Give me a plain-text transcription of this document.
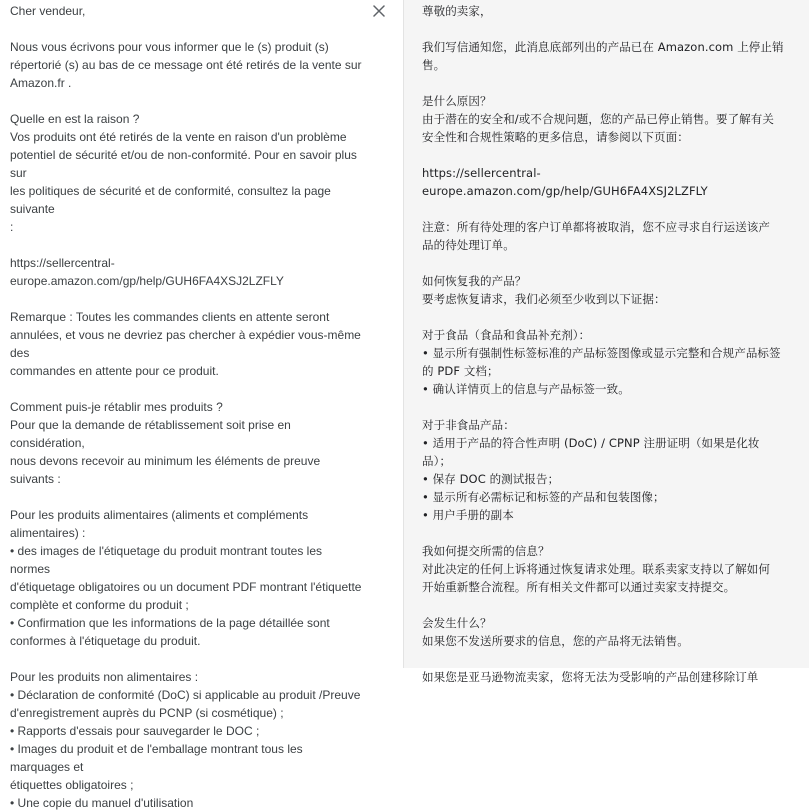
Cher vendeur,

Nous vous écrivons pour vous informer que le (s) produit (s)
répertorié (s) au bas de ce message ont été retirés de la vente sur
Amazon.fr .

Quelle en est la raison ?
Vos produits ont été retirés de la vente en raison d'un problème
potentiel de sécurité et/ou de non-conformité. Pour en savoir plus sur
les politiques de sécurité et de conformité, consultez la page suivante
:

https://sellercentral-
europe.amazon.com/gp/help/GUH6FA4XSJ2LZFLY

Remarque : Toutes les commandes clients en attente seront
annulées, et vous ne devriez pas chercher à expédier vous-même des
commandes en attente pour ce produit.

Comment puis-je rétablir mes produits ?
Pour que la demande de rétablissement soit prise en considération,
nous devons recevoir au minimum les éléments de preuve suivants :

Pour les produits alimentaires (aliments et compléments
alimentaires) :
• des images de l'étiquetage du produit montrant toutes les normes
d'étiquetage obligatoires ou un document PDF montrant l'étiquette
complète et conforme du produit ;
• Confirmation que les informations de la page détaillée sont
conformes à l'étiquetage du produit.

Pour les produits non alimentaires :
• Déclaration de conformité (DoC) si applicable au produit /Preuve
d'enregistrement auprès du PCNP (si cosmétique) ;
• Rapports d'essais pour sauvegarder le DOC ;
• Images du produit et de l'emballage montrant tous les marquages et
étiquettes obligatoires ;
• Une copie du manuel d'utilisation

尊敬的卖家，

我们写信通知您，此消息底部列出的产品已在 Amazon.com 上停止销
售。

是什么原因？
由于潜在的安全和/或不合规问题，您的产品已停止销售。要了解有关
安全性和合规性策略的更多信息，请参阅以下页面：

https://sellercentral-
europe.amazon.com/gp/help/GUH6FA4XSJ2LZFLY

注意：所有待处理的客户订单都将被取消，您不应寻求自行运送该产
品的待处理订单。

如何恢复我的产品？
要考虑恢复请求，我们必须至少收到以下证据：

对于食品（食品和食品补充剂）：
• 显示所有强制性标签标准的产品标签图像或显示完整和合规产品标签
的 PDF 文档；
• 确认详情页上的信息与产品标签一致。

对于非食品产品：
• 适用于产品的符合性声明 (DoC) / CPNP 注册证明（如果是化妆
品）；
• 保存 DOC 的测试报告；
• 显示所有必需标记和标签的产品和包装图像；
• 用户手册的副本

我如何提交所需的信息？
对此决定的任何上诉将通过恢复请求处理。联系卖家支持以了解如何
开始重新整合流程。所有相关文件都可以通过卖家支持提交。

会发生什么？
如果您不发送所要求的信息，您的产品将无法销售。

如果您是亚马逊物流卖家，您将无法为受影响的产品创建移除订单
